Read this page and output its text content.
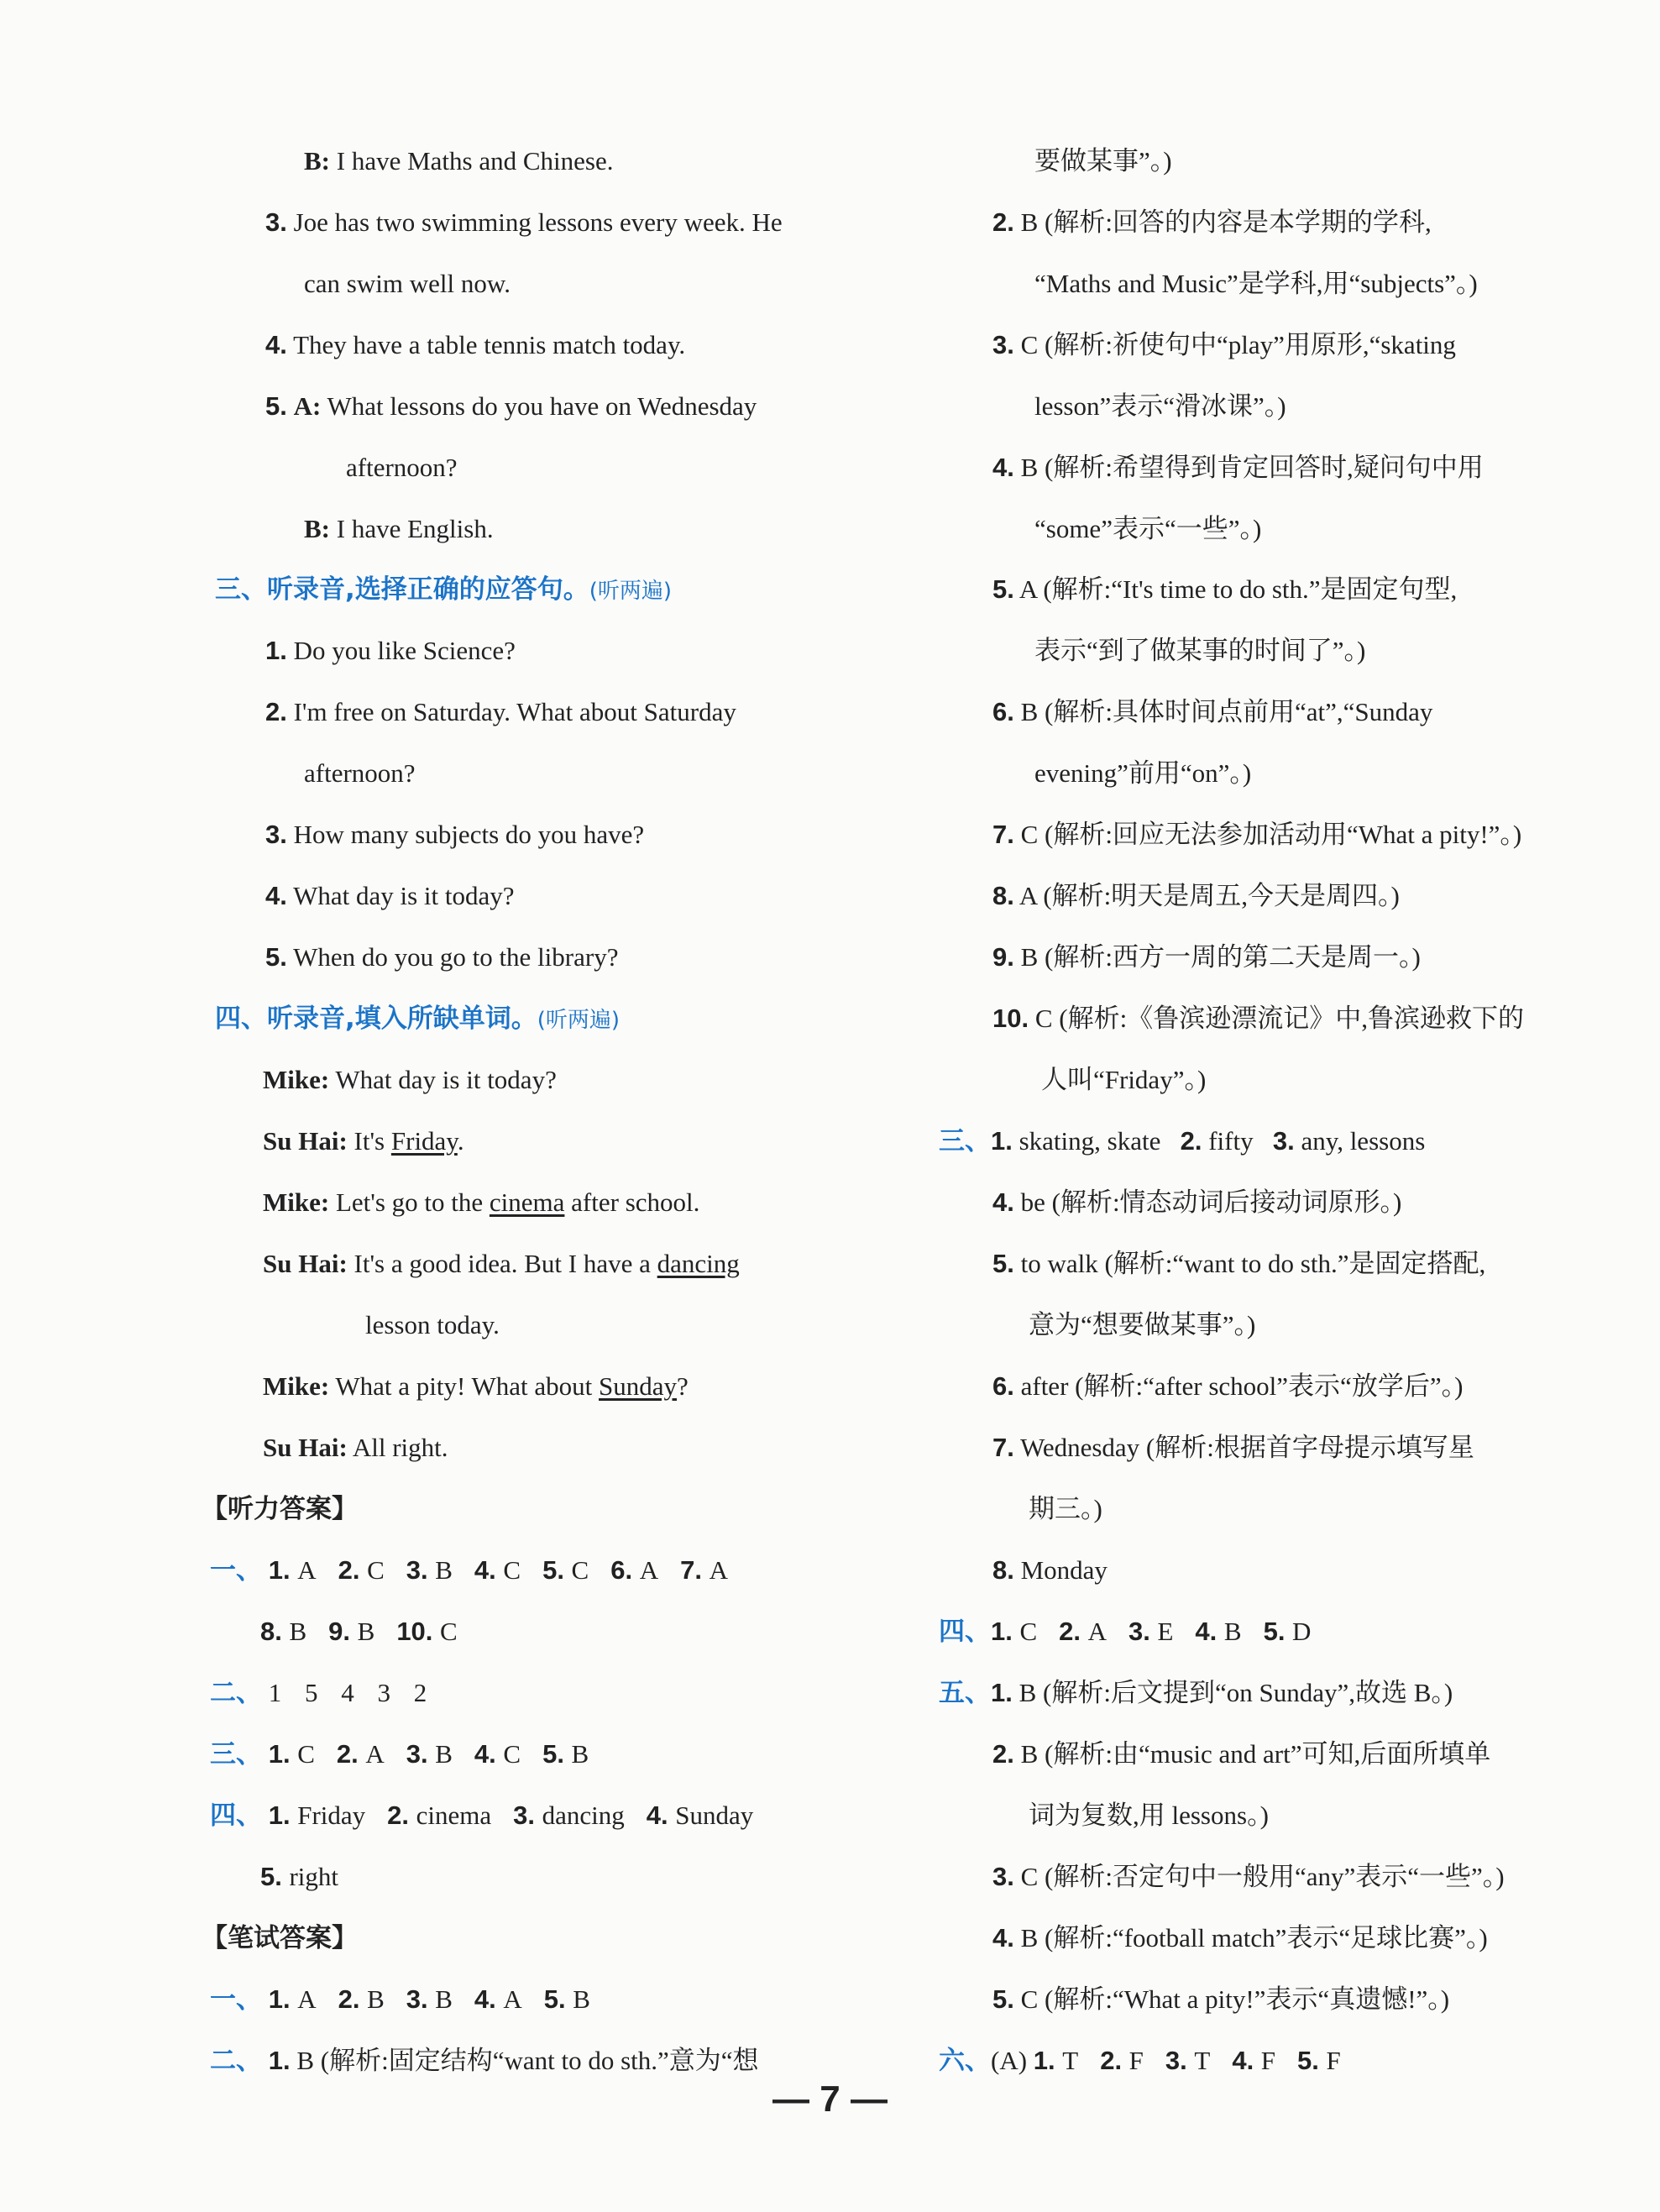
B: I have Maths and Chinese.
3. Joe has two swimming lessons every week. He
can swim well now.
4. They have a table tennis match today.
5. A: What lessons do you have on Wednesday
afternoon?
B: I have English.
三、听录音,选择正确的应答句。(听两遍)
1. Do you like Science?
2. I'm free on Saturday. What about Saturday
afternoon?
3. How many subjects do you have?
4. What day is it today?
5. When do you go to the library?
四、听录音,填入所缺单词。(听两遍)
Mike: What day is it today?
Su Hai: It's Friday.
Mike: Let's go to the cinema after school.
Su Hai: It's a good idea. But I have a dancing
lesson today.
Mike: What a pity! What about Sunday?
Su Hai: All right.
【听力答案】
一、 1. A 2. C 3. B 4. C 5. C 6. A 7. A
8. B 9. B 10. C
二、 1 5 4 3 2
三、 1. C 2. A 3. B 4. C 5. B
四、 1. Friday 2. cinema 3. dancing 4. Sunday
5. right
【笔试答案】
一、 1. A 2. B 3. B 4. A 5. B
二、 1. B (解析:固定结构“want to do sth.”意为“想
要做某事”。)
2. B (解析:回答的内容是本学期的学科,
“Maths and Music”是学科,用“subjects”。)
3. C (解析:祈使句中“play”用原形,“skating
lesson”表示“滑冰课”。)
4. B (解析:希望得到肯定回答时,疑问句中用
“some”表示“一些”。)
5. A (解析:“It's time to do sth.”是固定句型,
表示“到了做某事的时间了”。)
6. B (解析:具体时间点前用“at”,“Sunday
evening”前用“on”。)
7. C (解析:回应无法参加活动用“What a pity!”。)
8. A (解析:明天是周五,今天是周四。)
9. B (解析:西方一周的第二天是周一。)
10. C (解析:《鲁滨逊漂流记》中,鲁滨逊救下的
人叫“Friday”。)
三、1. skating, skate 2. fifty 3. any, lessons
4. be (解析:情态动词后接动词原形。)
5. to walk (解析:“want to do sth.”是固定搭配,
意为“想要做某事”。)
6. after (解析:“after school”表示“放学后”。)
7. Wednesday (解析:根据首字母提示填写星
期三。)
8. Monday
四、1. C 2. A 3. E 4. B 5. D
五、1. B (解析:后文提到“on Sunday”,故选 B。)
2. B (解析:由“music and art”可知,后面所填单
词为复数,用 lessons。)
3. C (解析:否定句中一般用“any”表示“一些”。)
4. B (解析:“football match”表示“足球比赛”。)
5. C (解析:“What a pity!”表示“真遗憾!”。)
六、(A) 1. T 2. F 3. T 4. F 5. F
— 7 —
